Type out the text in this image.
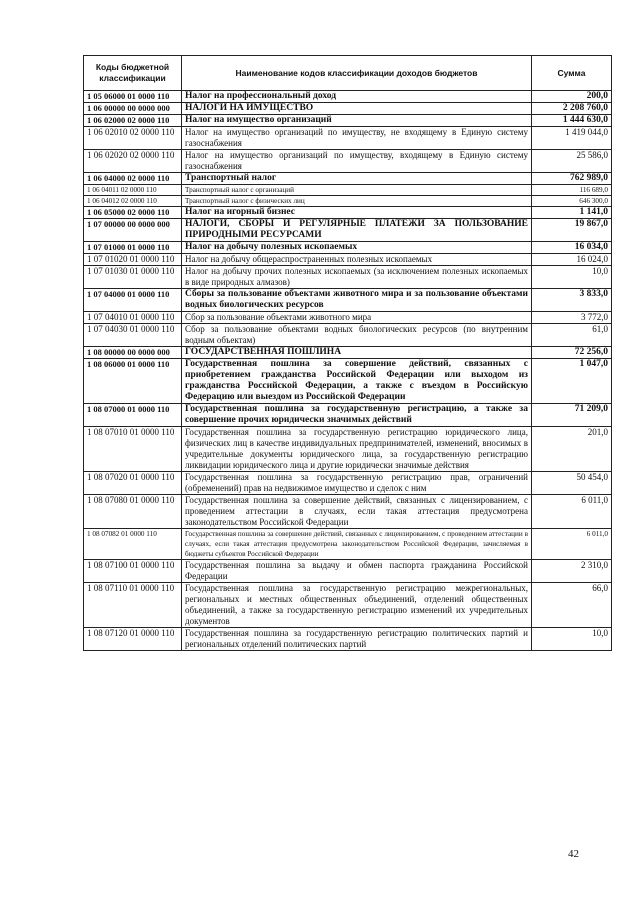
Коды бюджетной классификации	Наименование кодов классификации доходов бюджетов	Сумма
1 05 06000 01 0000 110	Налог на профессиональный доход	200,0
1 06 00000 00 0000 000	НАЛОГИ НА ИМУЩЕСТВО	2 208 760,0
1 06 02000 02 0000 110	Налог на имущество организаций	1 444 630,0
1 06 02010 02 0000 110	Налог на имущество организаций по имуществу, не входящему в Единую систему газоснабжения	1 419 044,0
1 06 02020 02 0000 110	Налог на имущество организаций по имуществу, входящему в Единую систему газоснабжения	25 586,0
1 06 04000 02 0000 110	Транспортный налог	762 989,0
1 06 04011 02 0000 110	Транспортный налог с организаций	116 689,0
1 06 04012 02 0000 110	Транспортный налог с физических лиц	646 300,0
1 06 05000 02 0000 110	Налог на игорный бизнес	1 141,0
1 07 00000 00 0000 000	НАЛОГИ, СБОРЫ И РЕГУЛЯРНЫЕ ПЛАТЕЖИ ЗА ПОЛЬЗОВАНИЕ ПРИРОДНЫМИ РЕСУРСАМИ	19 867,0
1 07 01000 01 0000 110	Налог на добычу полезных ископаемых	16 034,0
1 07 01020 01 0000 110	Налог на добычу общераспространенных полезных ископаемых	16 024,0
1 07 01030 01 0000 110	Налог на добычу прочих полезных ископаемых (за исключением полезных ископаемых в виде природных алмазов)	10,0
1 07 04000 01 0000 110	Сборы за пользование объектами животного мира и за пользование объектами водных биологических ресурсов	3 833,0
1 07 04010 01 0000 110	Сбор за пользование объектами животного мира	3 772,0
1 07 04030 01 0000 110	Сбор за пользование объектами водных биологических ресурсов (по внутренним водным объектам)	61,0
1 08 00000 00 0000 000	ГОСУДАРСТВЕННАЯ ПОШЛИНА	72 256,0
1 08 06000 01 0000 110	Государственная пошлина за совершение действий, связанных с приобретением гражданства Российской Федерации или выходом из гражданства Российской Федерации, а также с въездом в Российскую Федерацию или выездом из Российской Федерации	1 047,0
1 08 07000 01 0000 110	Государственная пошлина за государственную регистрацию, а также за совершение прочих юридически значимых действий	71 209,0
1 08 07010 01 0000 110	Государственная пошлина за государственную регистрацию юридического лица, физических лиц в качестве индивидуальных предпринимателей, изменений, вносимых в учредительные документы юридического лица, за государственную регистрацию ликвидации юридического лица и другие юридически значимые действия	201,0
1 08 07020 01 0000 110	Государственная пошлина за государственную регистрацию прав, ограничений (обременений) прав на недвижимое имущество и сделок с ним	50 454,0
1 08 07080 01 0000 110	Государственная пошлина за совершение действий, связанных с лицензированием, с проведением аттестации в случаях, если такая аттестация предусмотрена законодательством Российской Федерации	6 011,0
1 08 07082 01 0000 110	Государственная пошлина за совершение действий, связанных с лицензированием, с проведением аттестации в случаях, если такая аттестация предусмотрена законодательством Российской Федерации, зачисляемая в бюджеты субъектов Российской Федерации	6 011,0
1 08 07100 01 0000 110	Государственная пошлина за выдачу и обмен паспорта гражданина Российской Федерации	2 310,0
1 08 07110 01 0000 110	Государственная пошлина за государственную регистрацию межрегиональных, региональных и местных общественных объединений, отделений общественных объединений, а также за государственную регистрацию изменений их учредительных документов	66,0
1 08 07120 01 0000 110	Государственная пошлина за государственную регистрацию политических партий и региональных отделений политических партий	10,0
42
